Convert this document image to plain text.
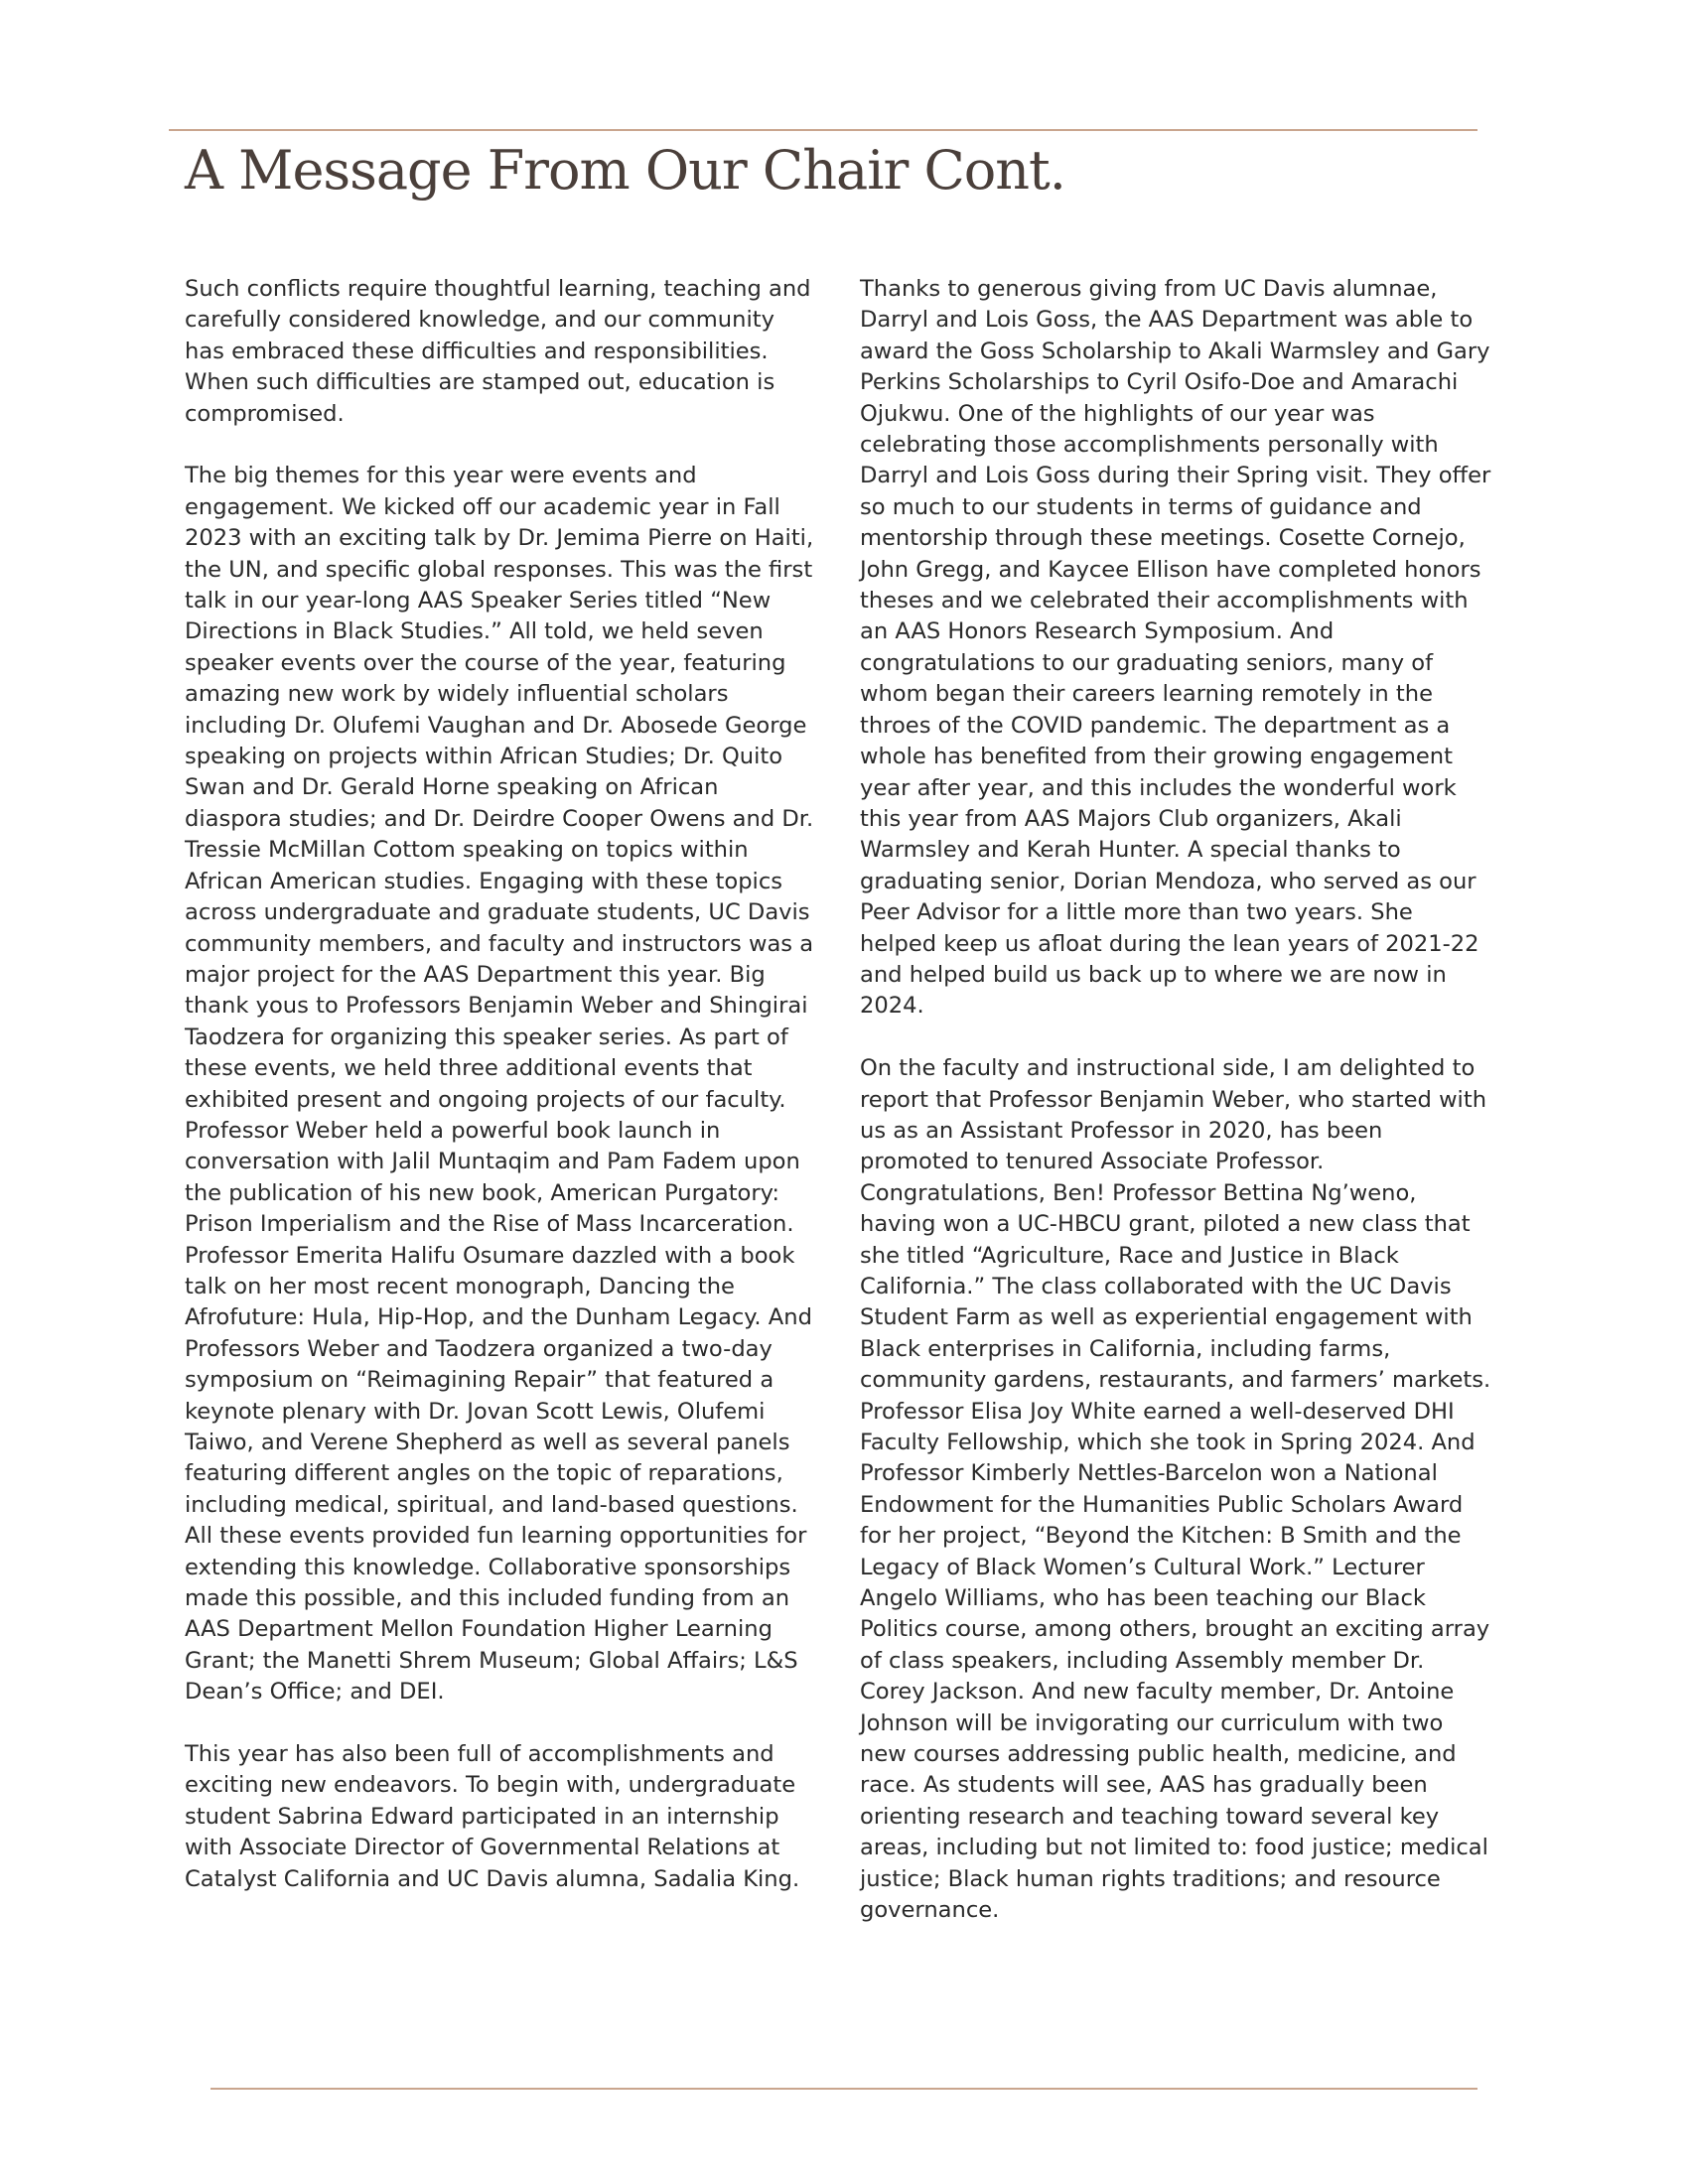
A Message From Our Chair Cont.

Such conflicts require thoughtful learning, teaching and carefully considered knowledge, and our community has embraced these difficulties and responsibilities. When such difficulties are stamped out, education is compromised.

The big themes for this year were events and engagement. We kicked off our academic year in Fall 2023 with an exciting talk by Dr. Jemima Pierre on Haiti, the UN, and specific global responses. This was the first talk in our year-long AAS Speaker Series titled “New Directions in Black Studies.” All told, we held seven speaker events over the course of the year, featuring amazing new work by widely influential scholars including Dr. Olufemi Vaughan and Dr. Abosede George speaking on projects within African Studies; Dr. Quito Swan and Dr. Gerald Horne speaking on African diaspora studies; and Dr. Deirdre Cooper Owens and Dr. Tressie McMillan Cottom speaking on topics within African American studies. Engaging with these topics across undergraduate and graduate students, UC Davis community members, and faculty and instructors was a major project for the AAS Department this year. Big thank yous to Professors Benjamin Weber and Shingirai Taodzera for organizing this speaker series. As part of these events, we held three additional events that exhibited present and ongoing projects of our faculty. Professor Weber held a powerful book launch in conversation with Jalil Muntaqim and Pam Fadem upon the publication of his new book, American Purgatory: Prison Imperialism and the Rise of Mass Incarceration. Professor Emerita Halifu Osumare dazzled with a book talk on her most recent monograph, Dancing the Afrofuture: Hula, Hip-Hop, and the Dunham Legacy. And Professors Weber and Taodzera organized a two-day symposium on “Reimagining Repair” that featured a keynote plenary with Dr. Jovan Scott Lewis, Olufemi Taiwo, and Verene Shepherd as well as several panels featuring different angles on the topic of reparations, including medical, spiritual, and land-based questions. All these events provided fun learning opportunities for extending this knowledge. Collaborative sponsorships made this possible, and this included funding from an AAS Department Mellon Foundation Higher Learning Grant; the Manetti Shrem Museum; Global Affairs; L&S Dean’s Office; and DEI.

This year has also been full of accomplishments and exciting new endeavors. To begin with, undergraduate student Sabrina Edward participated in an internship with Associate Director of Governmental Relations at Catalyst California and UC Davis alumna, Sadalia King.

Thanks to generous giving from UC Davis alumnae, Darryl and Lois Goss, the AAS Department was able to award the Goss Scholarship to Akali Warmsley and Gary Perkins Scholarships to Cyril Osifo-Doe and Amarachi Ojukwu. One of the highlights of our year was celebrating those accomplishments personally with Darryl and Lois Goss during their Spring visit. They offer so much to our students in terms of guidance and mentorship through these meetings. Cosette Cornejo, John Gregg, and Kaycee Ellison have completed honors theses and we celebrated their accomplishments with an AAS Honors Research Symposium. And congratulations to our graduating seniors, many of whom began their careers learning remotely in the throes of the COVID pandemic. The department as a whole has benefited from their growing engagement year after year, and this includes the wonderful work this year from AAS Majors Club organizers, Akali Warmsley and Kerah Hunter. A special thanks to graduating senior, Dorian Mendoza, who served as our Peer Advisor for a little more than two years. She helped keep us afloat during the lean years of 2021-22 and helped build us back up to where we are now in 2024.

On the faculty and instructional side, I am delighted to report that Professor Benjamin Weber, who started with us as an Assistant Professor in 2020, has been promoted to tenured Associate Professor. Congratulations, Ben! Professor Bettina Ng’weno, having won a UC-HBCU grant, piloted a new class that she titled “Agriculture, Race and Justice in Black California.” The class collaborated with the UC Davis Student Farm as well as experiential engagement with Black enterprises in California, including farms, community gardens, restaurants, and farmers’ markets. Professor Elisa Joy White earned a well-deserved DHI Faculty Fellowship, which she took in Spring 2024. And Professor Kimberly Nettles-Barcelon won a National Endowment for the Humanities Public Scholars Award for her project, “Beyond the Kitchen: B Smith and the Legacy of Black Women’s Cultural Work.” Lecturer Angelo Williams, who has been teaching our Black Politics course, among others, brought an exciting array of class speakers, including Assembly member Dr. Corey Jackson. And new faculty member, Dr. Antoine Johnson will be invigorating our curriculum with two new courses addressing public health, medicine, and race. As students will see, AAS has gradually been orienting research and teaching toward several key areas, including but not limited to: food justice; medical justice; Black human rights traditions; and resource governance.
